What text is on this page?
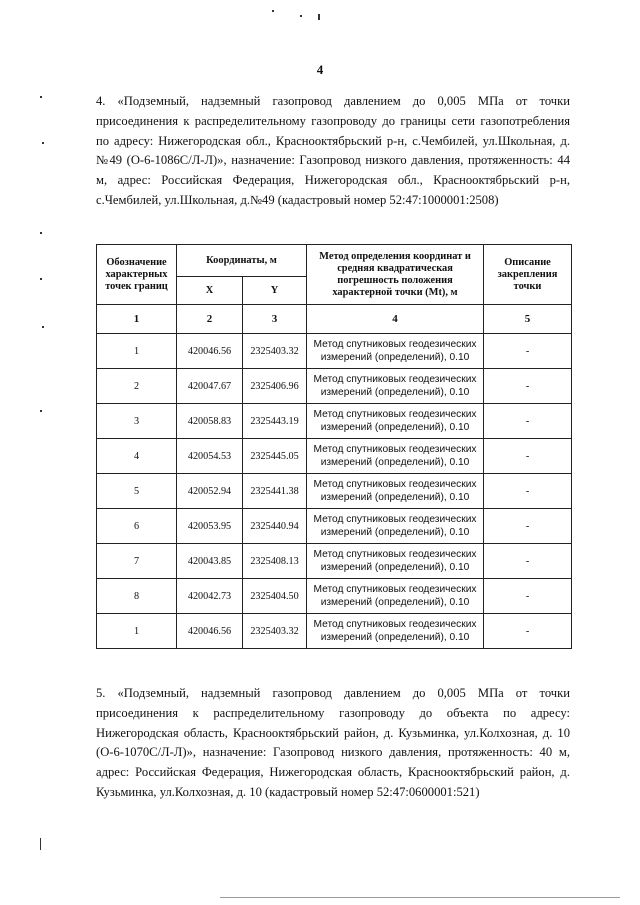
4

4. «Подземный, надземный газопровод давлением до 0,005 МПа от точки присоединения к распределительному газопроводу до границы сети газопотребления по адресу: Нижегородская обл., Краснооктябрьский р-н, с.Чембилей, ул.Школьная, д.№49 (О-6-1086С/Л-Л)», назначение: Газопровод низкого давления, протяженность: 44 м, адрес: Российская Федерация, Нижегородская обл., Краснооктябрьский р-н, с.Чембилей, ул.Школьная, д.№49 (кадастровый номер 52:47:1000001:2508)

Обозначение характерных точек границ	Координаты, м		Метод определения координат и средняя квадратическая погрешность положения характерной точки (Mt), м	Описание закрепления точки
	X	Y		
1	2	3	4	5
1	420046.56	2325403.32	Метод спутниковых геодезических измерений (определений), 0.10	-
2	420047.67	2325406.96	Метод спутниковых геодезических измерений (определений), 0.10	-
3	420058.83	2325443.19	Метод спутниковых геодезических измерений (определений), 0.10	-
4	420054.53	2325445.05	Метод спутниковых геодезических измерений (определений), 0.10	-
5	420052.94	2325441.38	Метод спутниковых геодезических измерений (определений), 0.10	-
6	420053.95	2325440.94	Метод спутниковых геодезических измерений (определений), 0.10	-
7	420043.85	2325408.13	Метод спутниковых геодезических измерений (определений), 0.10	-
8	420042.73	2325404.50	Метод спутниковых геодезических измерений (определений), 0.10	-
1	420046.56	2325403.32	Метод спутниковых геодезических измерений (определений), 0.10	-

5. «Подземный, надземный газопровод давлением до 0,005 МПа от точки присоединения к распределительному газопроводу до объекта по адресу: Нижегородская область, Краснооктябрьский район, д. Кузьминка, ул.Колхозная, д. 10 (О-6-1070С/Л-Л)», назначение: Газопровод низкого давления, протяженность: 40 м, адрес: Российская Федерация, Нижегородская область, Краснооктябрьский район, д. Кузьминка, ул.Колхозная, д. 10 (кадастровый номер 52:47:0600001:521)
